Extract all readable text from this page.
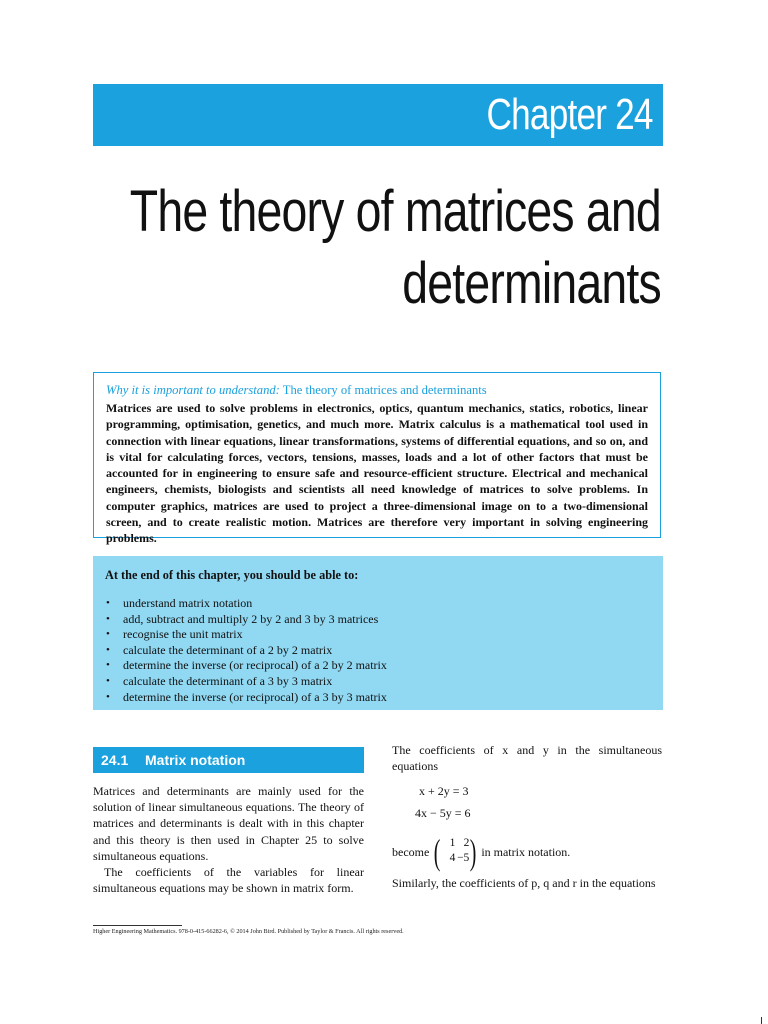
Chapter 24
The theory of matrices and
determinants

Why it is important to understand: The theory of matrices and determinants

Matrices are used to solve problems in electronics, optics, quantum mechanics, statics, robotics, linear programming, optimisation, genetics, and much more. Matrix calculus is a mathematical tool used in connection with linear equations, linear transformations, systems of differential equations, and so on, and is vital for calculating forces, vectors, tensions, masses, loads and a lot of other factors that must be accounted for in engineering to ensure safe and resource-efficient structure. Electrical and mechanical engineers, chemists, biologists and scientists all need knowledge of matrices to solve problems. In computer graphics, matrices are used to project a three-dimensional image on to a two-dimensional screen, and to create realistic motion. Matrices are therefore very important in solving engineering problems.

At the end of this chapter, you should be able to:

• understand matrix notation
• add, subtract and multiply 2 by 2 and 3 by 3 matrices
• recognise the unit matrix
• calculate the determinant of a 2 by 2 matrix
• determine the inverse (or reciprocal) of a 2 by 2 matrix
• calculate the determinant of a 3 by 3 matrix
• determine the inverse (or reciprocal) of a 3 by 3 matrix
24.1 Matrix notation

Matrices and determinants are mainly used for the solution of linear simultaneous equations. The theory of matrices and determinants is dealt with in this chapter and this theory is then used in Chapter 25 to solve simultaneous equations.

The coefficients of the variables for linear simultaneous equations may be shown in matrix form.

The coefficients of x and y in the simultaneous equations

x + 2y = 3
4x − 5y = 6
become ( 1 2
4 −5 ) in matrix notation.
Similarly, the coefficients of p, q and r in the equations
Higher Engineering Mathematics. 978-0-415-66282-6, © 2014 John Bird. Published by Taylor & Francis. All rights reserved.
